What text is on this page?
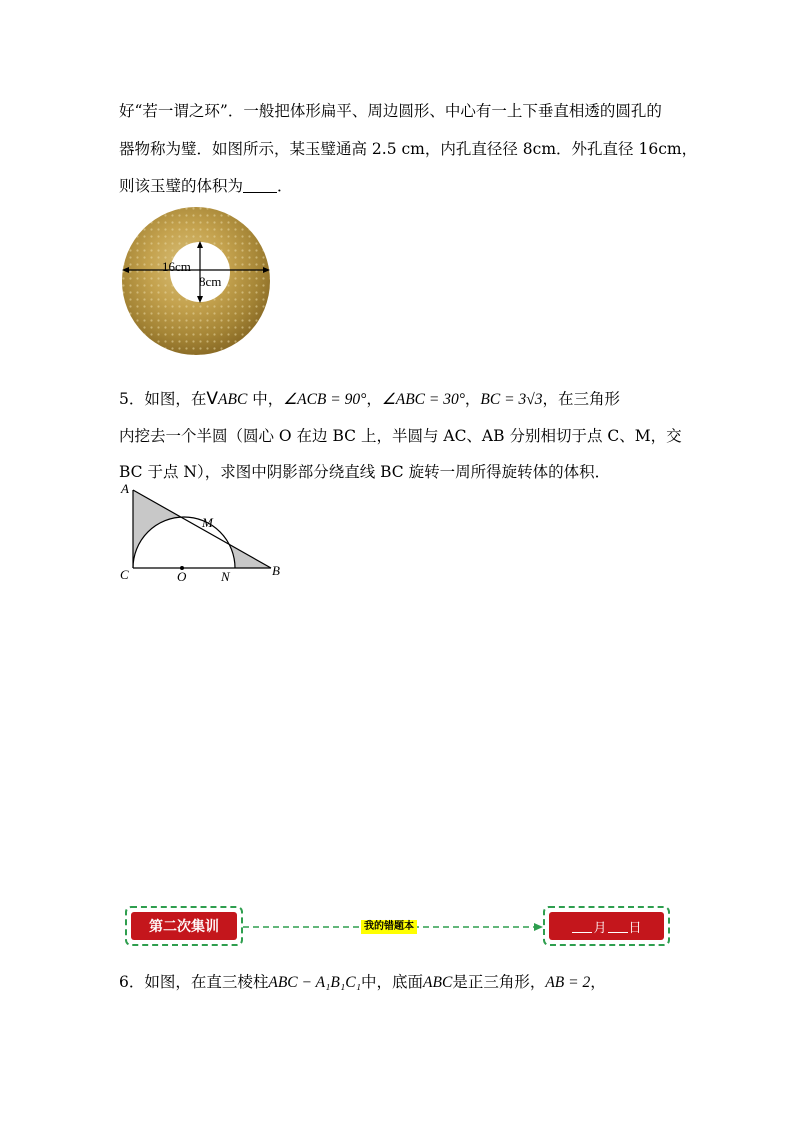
好“若一谓之环”．一般把体形扁平、周边圆形、中心有一上下垂直相透的圆孔的
器物称为璧．如图所示，某玉璧通高 2.5 cm，内孔直径径 8cm．外孔直径 16cm，
则该玉璧的体积为 ．
16cm
8cm
5．如图，在VABC 中，∠ACB = 90°，∠ABC = 30°，BC = 3√3，在三角形
内挖去一个半圆（圆心 O 在边 BC 上，半圆与 AC、AB 分别相切于点 C、M，交
BC 于点 N），求图中阴影部分绕直线 BC 旋转一周所得旋转体的体积．
A
M
C	O	N	B
第二次集训	我的错题本	月 日
6．如图，在直三棱柱ABC − A₁B₁C₁中，底面ABC是正三角形，AB = 2，
